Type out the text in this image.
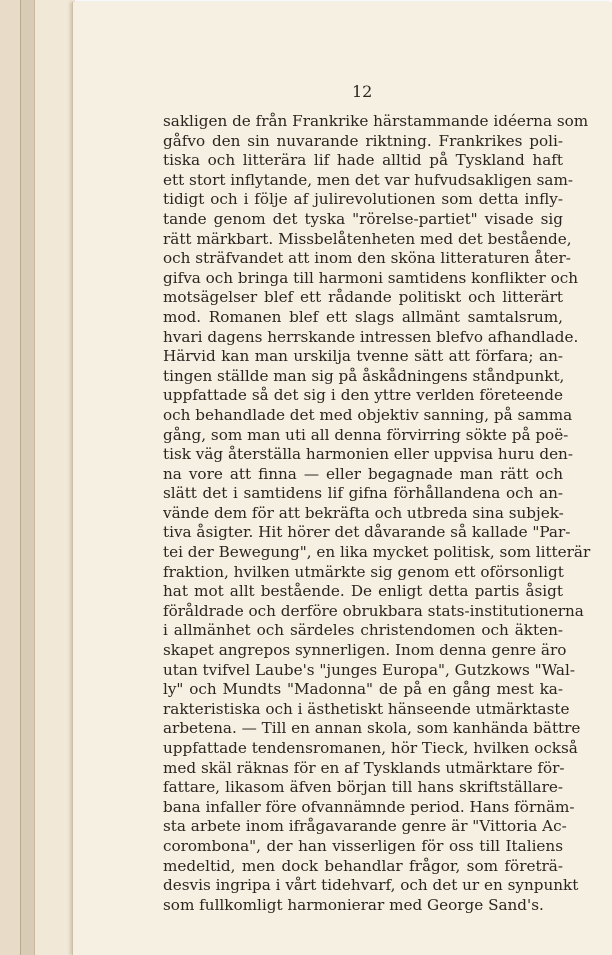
12
sakligen de från Frankrike härstammande idéerna som
gåfvo den sin nuvarande riktning. Frankrikes poli-
tiska och litterära lif hade alltid på Tyskland haft
ett stort inflytande, men det var hufvudsakligen sam-
tidigt och i följe af julirevolutionen som detta infly-
tande genom det tyska "rörelse-partiet" visade sig
rätt märkbart. Missbelåtenheten med det bestående,
och sträfvandet att inom den sköna litteraturen åter-
gifva och bringa till harmoni samtidens konflikter och
motsägelser blef ett rådande politiskt och litterärt
mod. Romanen blef ett slags allmänt samtalsrum,
hvari dagens herrskande intressen blefvo afhandlade.
Härvid kan man urskilja tvenne sätt att förfara; an-
tingen ställde man sig på åskådningens ståndpunkt,
uppfattade så det sig i den yttre verlden företeende
och behandlade det med objektiv sanning, på samma
gång, som man uti all denna förvirring sökte på poë-
tisk väg återställa harmonien eller uppvisa huru den-
na vore att finna — eller begagnade man rätt och
slätt det i samtidens lif gifna förhållandena och an-
vände dem för att bekräfta och utbreda sina subjek-
tiva åsigter. Hit hörer det dåvarande så kallade "Par-
tei der Bewegung", en lika mycket politisk, som litterär
fraktion, hvilken utmärkte sig genom ett oförsonligt
hat mot allt bestående. De enligt detta partis åsigt
föråldrade och derföre obrukbara stats-institutionerna
i allmänhet och särdeles christendomen och äkten-
skapet angrepos synnerligen. Inom denna genre äro
utan tvifvel Laube's "junges Europa", Gutzkows "Wal-
ly" och Mundts "Madonna" de på en gång mest ka-
rakteristiska och i ästhetiskt hänseende utmärktaste
arbetena. — Till en annan skola, som kanhända bättre
uppfattade tendensromanen, hör Tieck, hvilken också
med skäl räknas för en af Tysklands utmärktare för-
fattare, likasom äfven början till hans skriftställare-
bana infaller före ofvannämnde period. Hans förnäm-
sta arbete inom ifrågavarande genre är "Vittoria Ac-
corombona", der han visserligen för oss till Italiens
medeltid, men dock behandlar frågor, som företrä-
desvis ingripa i vårt tidehvarf, och det ur en synpunkt
som fullkomligt harmonierar med George Sand's.
